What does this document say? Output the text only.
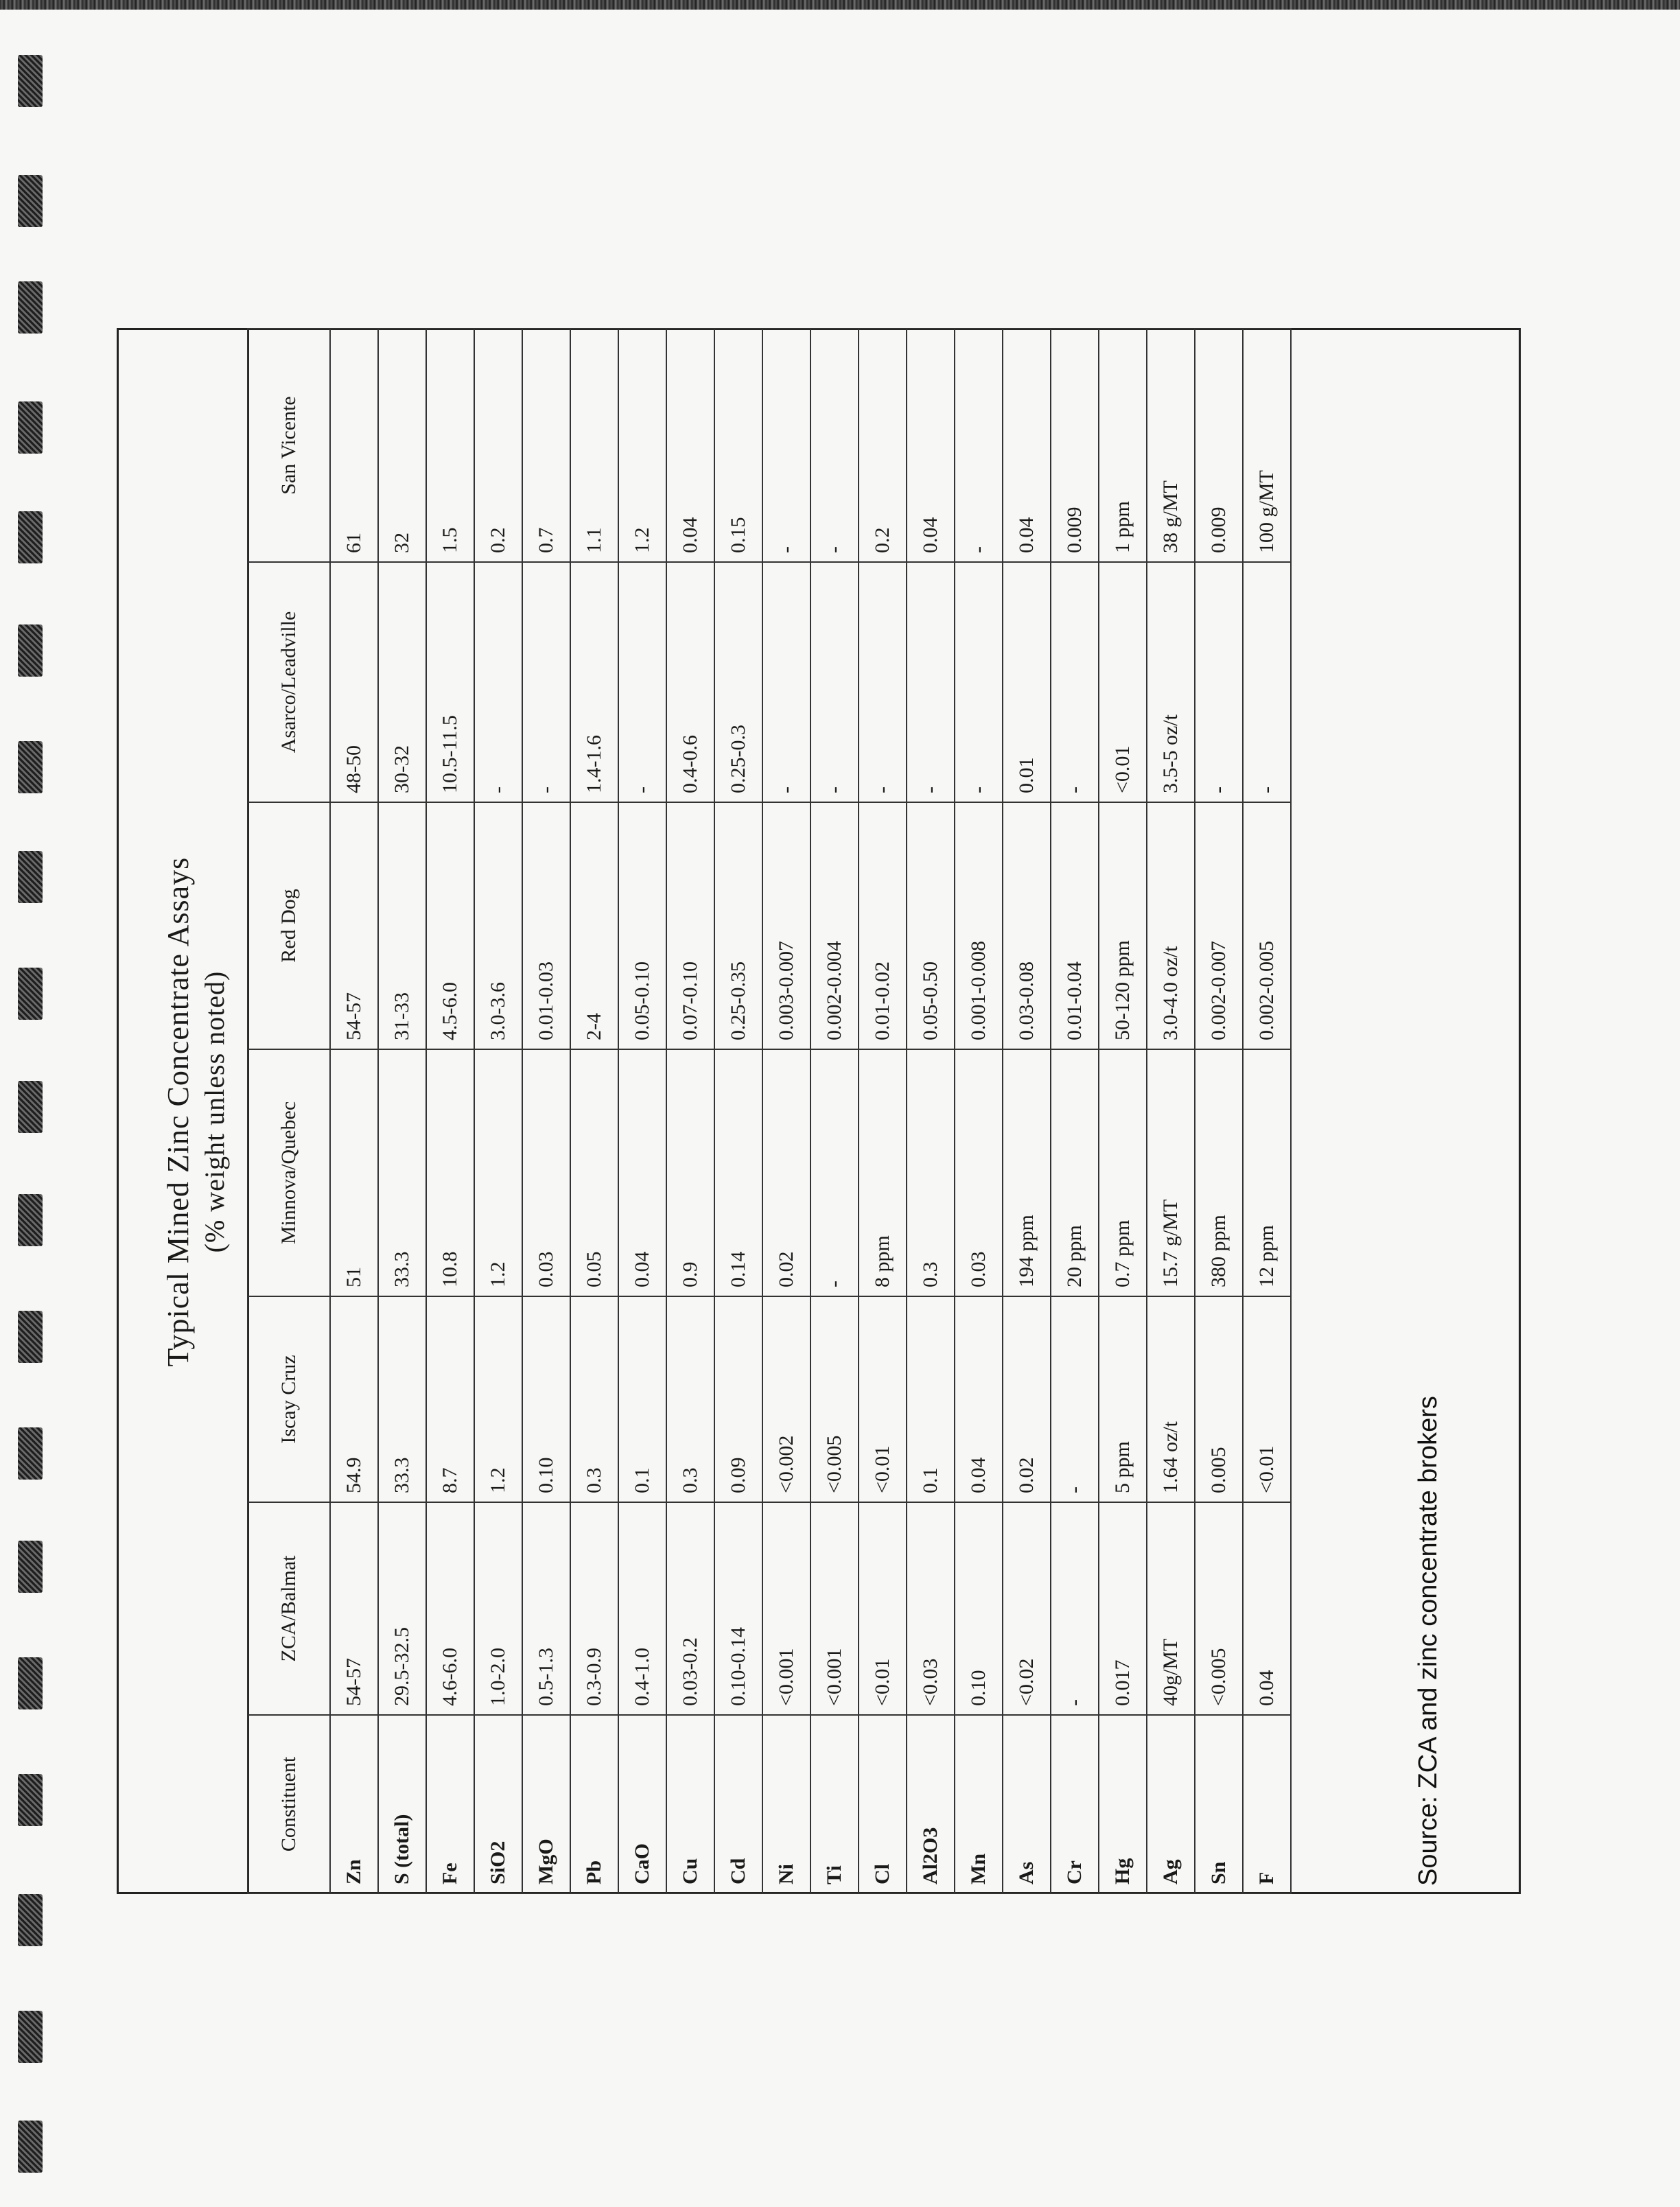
Typical Mined Zinc Concentrate Assays (% weight unless noted)
Constituent	ZCA/Balmat	Iscay Cruz	Minnova/Quebec	Red Dog	Asarco/Leadville	San Vicente
Zn	54-57	54.9	51	54-57	48-50	61
S (total)	29.5-32.5	33.3	33.3	31-33	30-32	32
Fe	4.6-6.0	8.7	10.8	4.5-6.0	10.5-11.5	1.5
SiO2	1.0-2.0	1.2	1.2	3.0-3.6	-	0.2
MgO	0.5-1.3	0.10	0.03	0.01-0.03	-	0.7
Pb	0.3-0.9	0.3	0.05	2-4	1.4-1.6	1.1
CaO	0.4-1.0	0.1	0.04	0.05-0.10	-	1.2
Cu	0.03-0.2	0.3	0.9	0.07-0.10	0.4-0.6	0.04
Cd	0.10-0.14	0.09	0.14	0.25-0.35	0.25-0.3	0.15
Ni	<0.001	<0.002	0.02	0.003-0.007	-	-
Ti	<0.001	<0.005	-	0.002-0.004	-	-
Cl	<0.01	<0.01	8 ppm	0.01-0.02	-	0.2
Al2O3	<0.03	0.1	0.3	0.05-0.50	-	0.04
Mn	0.10	0.04	0.03	0.001-0.008	-	-
As	<0.02	0.02	194 ppm	0.03-0.08	0.01	0.04
Cr	-	-	20 ppm	0.01-0.04	-	0.009
Hg	0.017	5 ppm	0.7 ppm	50-120 ppm	<0.01	1 ppm
Ag	40g/MT	1.64 oz/t	15.7 g/MT	3.0-4.0 oz/t	3.5-5 oz/t	38 g/MT
Sn	<0.005	0.005	380 ppm	0.002-0.007	-	0.009
F	0.04	<0.01	12 ppm	0.002-0.005	-	100 g/MT
Source: ZCA and zinc concentrate brokers
